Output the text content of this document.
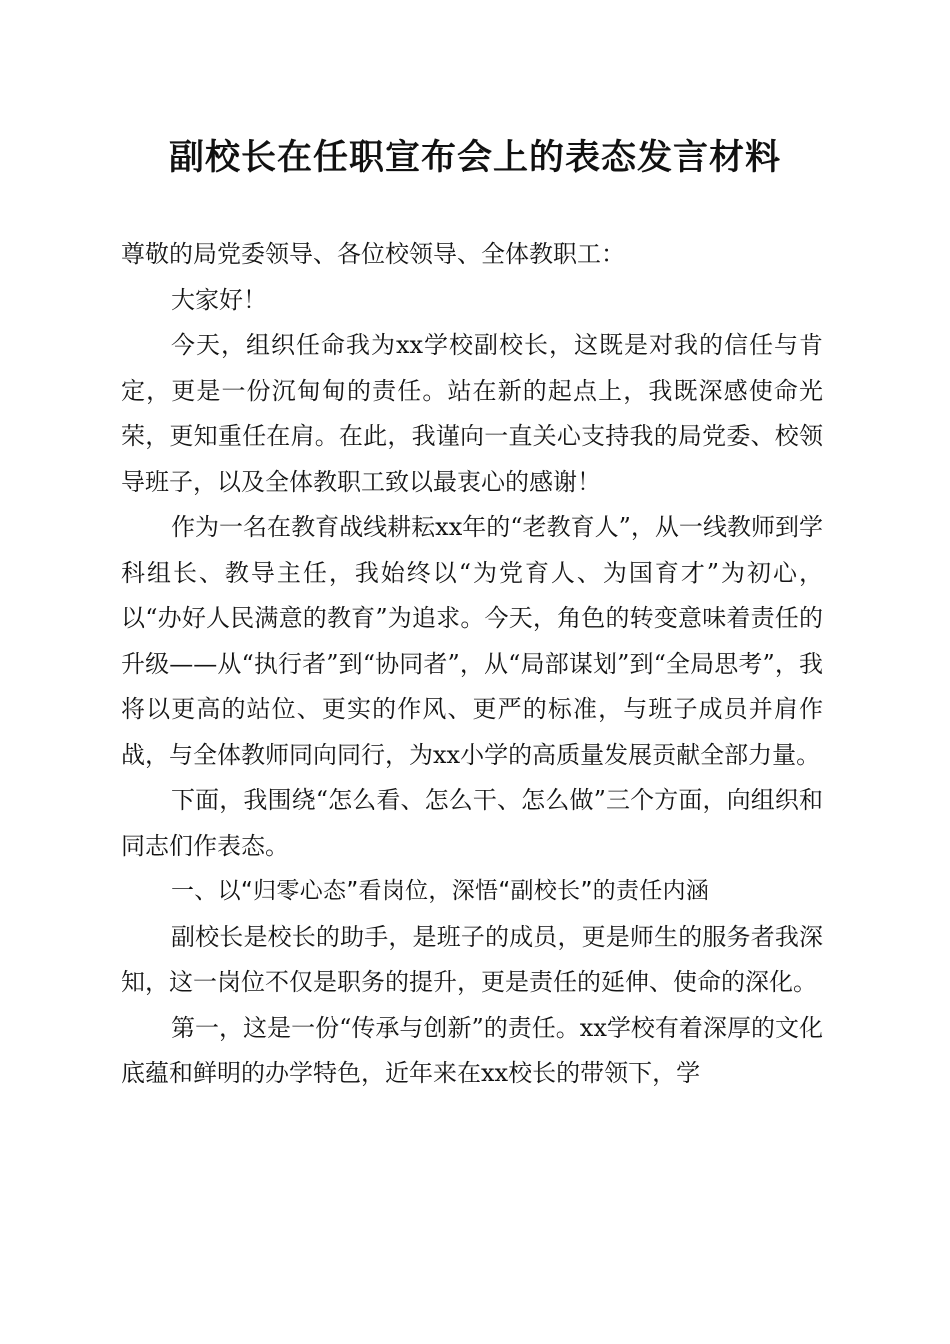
副校长在任职宣布会上的表态发言材料

尊敬的局党委领导、各位校领导、全体教职工：

大家好！

今天，组织任命我为xx学校副校长，这既是对我的信任与肯定，更是一份沉甸甸的责任。站在新的起点上，我既深感使命光荣，更知重任在肩。在此，我谨向一直关心支持我的局党委、校领导班子，以及全体教职工致以最衷心的感谢！

作为一名在教育战线耕耘xx年的“老教育人”，从一线教师到学科组长、教导主任，我始终以“为党育人、为国育才”为初心，以“办好人民满意的教育”为追求。今天，角色的转变意味着责任的升级——从“执行者”到“协同者”，从“局部谋划”到“全局思考”，我将以更高的站位、更实的作风、更严的标准，与班子成员并肩作战，与全体教师同向同行，为xx小学的高质量发展贡献全部力量。

下面，我围绕“怎么看、怎么干、怎么做”三个方面，向组织和同志们作表态。

一、以“归零心态”看岗位，深悟“副校长”的责任内涵

副校长是校长的助手，是班子的成员，更是师生的服务者我深知，这一岗位不仅是职务的提升，更是责任的延伸、使命的深化。

第一，这是一份“传承与创新”的责任。xx学校有着深厚的文化底蕴和鲜明的办学特色，近年来在xx校长的带领下，学
